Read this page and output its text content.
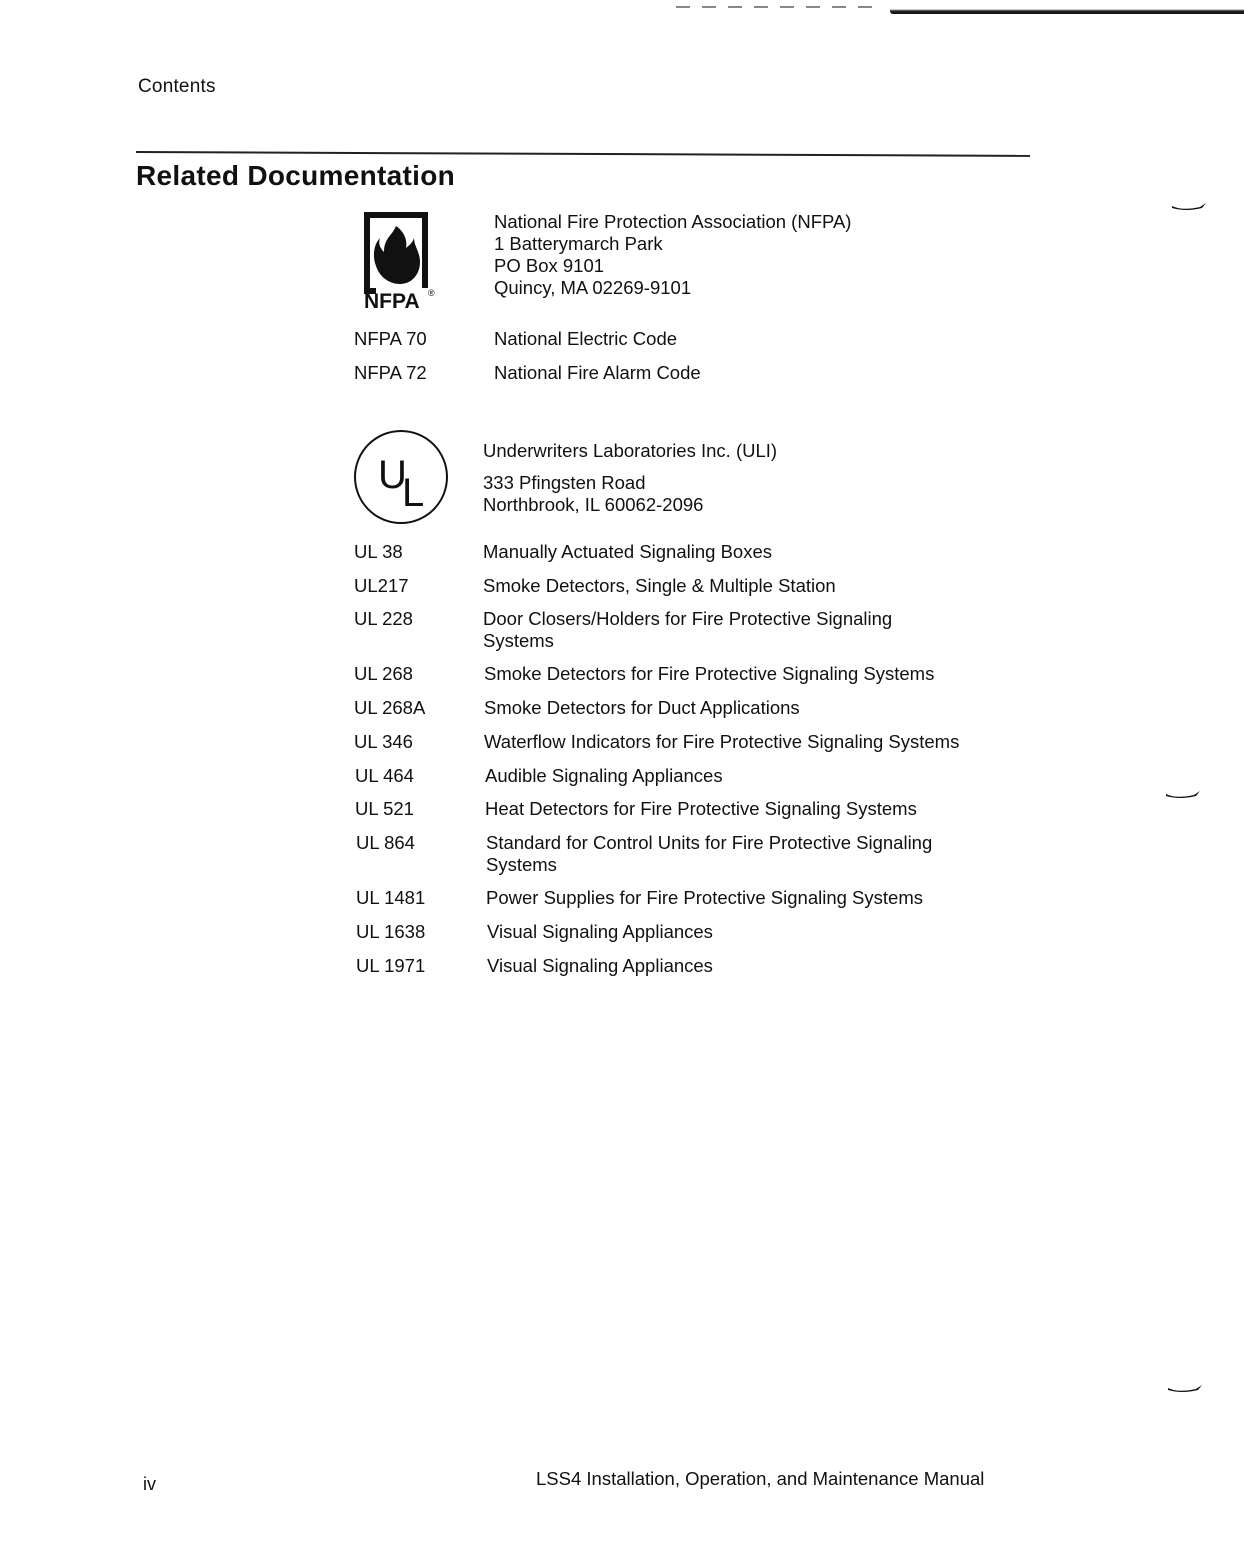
Contents
Related Documentation
NFPA ®
National Fire Protection Association (NFPA)
1 Batterymarch Park
PO Box 9101
Quincy, MA 02269-9101
NFPA 70	National Electric Code
NFPA 72	National Fire Alarm Code
U
L
Underwriters Laboratories Inc. (ULI)
333 Pfingsten Road
Northbrook, IL 60062-2096
UL 38	Manually Actuated Signaling Boxes
UL217	Smoke Detectors, Single & Multiple Station
UL 228	Door Closers/Holders for Fire Protective Signaling Systems
UL 268	Smoke Detectors for Fire Protective Signaling Systems
UL 268A	Smoke Detectors for Duct Applications
UL 346	Waterflow Indicators for Fire Protective Signaling Systems
UL 464	Audible Signaling Appliances
UL 521	Heat Detectors for Fire Protective Signaling Systems
UL 864	Standard for Control Units for Fire Protective Signaling Systems
UL 1481	Power Supplies for Fire Protective Signaling Systems
UL 1638	Visual Signaling Appliances
UL 1971	Visual Signaling Appliances
iv	LSS4 Installation, Operation, and Maintenance Manual
